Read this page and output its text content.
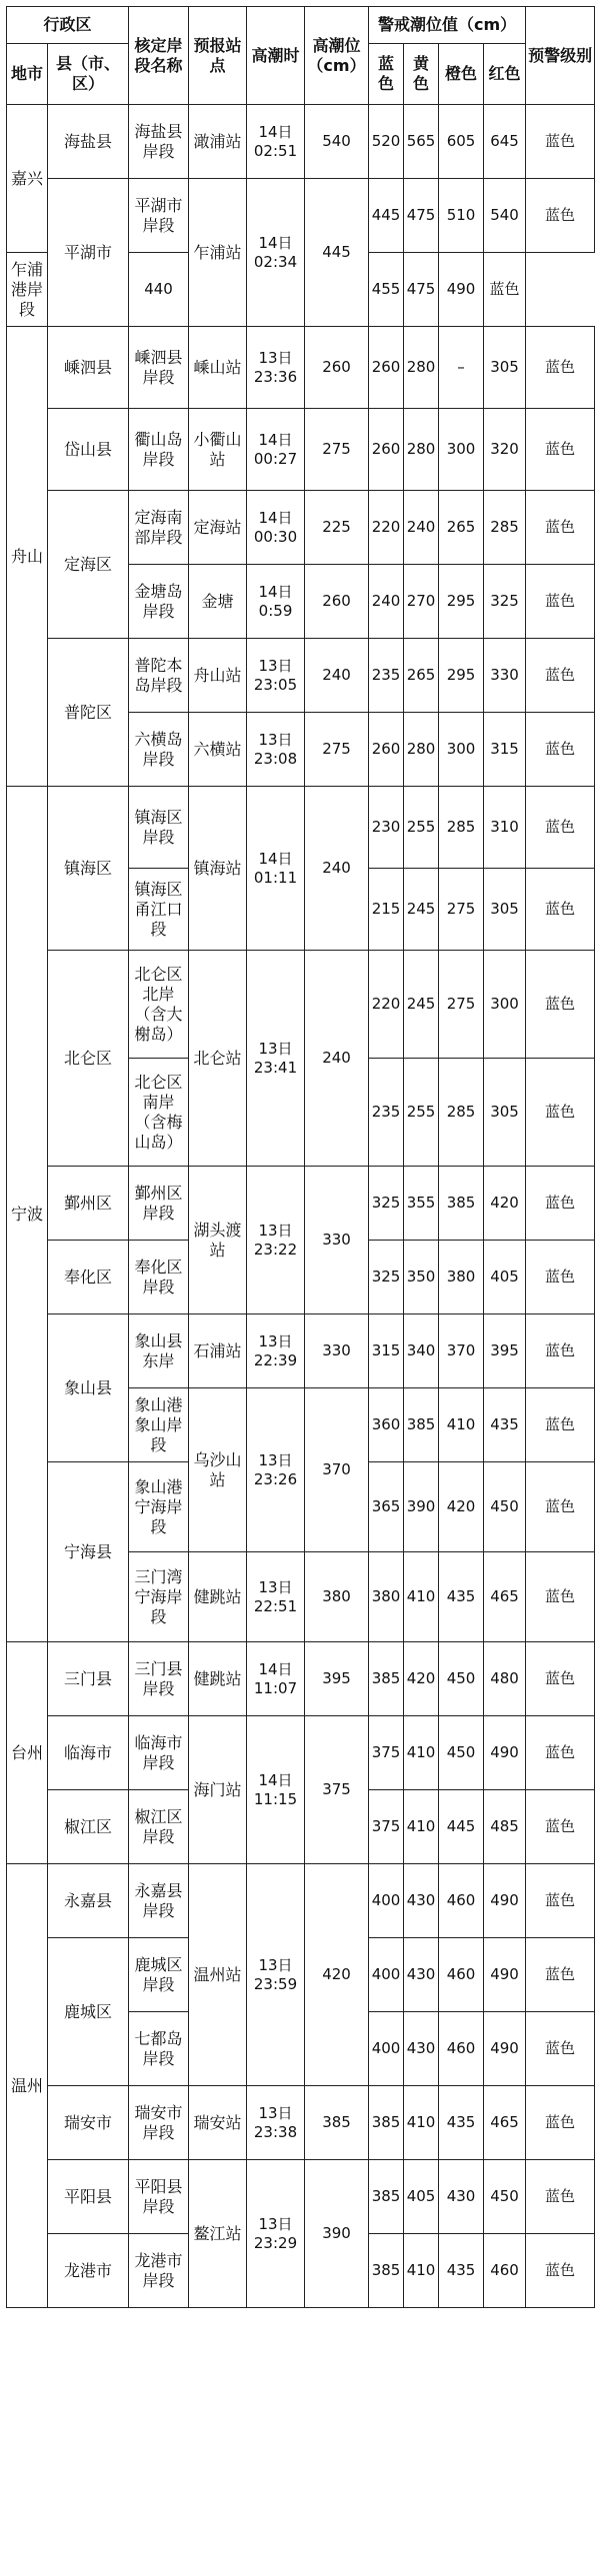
行政区		核定岸段名称	预报站点	高潮时	高潮位（cm）	警戒潮位值（cm）				预警级别
地市	县（市、区）					蓝色	黄色	橙色	红色	
嘉兴	海盐县	海盐县岸段	澉浦站	14日02:51	540	520	565	605	645	蓝色
	平湖市	平湖市岸段	乍浦站	14日02:34	445	445	475	510	540	蓝色
乍浦港岸段		440				455	475	490	蓝色	
舟山	嵊泗县	嵊泗县岸段	嵊山站	13日23:36	260	260	280	–	305	蓝色
	岱山县	衢山岛岸段	小衢山站	14日00:27	275	260	280	300	320	蓝色
	定海区	定海南部岸段	定海站	14日00:30	225	220	240	265	285	蓝色
		金塘岛岸段	金塘	14日0:59	260	240	270	295	325	蓝色
	普陀区	普陀本岛岸段	舟山站	13日23:05	240	235	265	295	330	蓝色
		六横岛岸段	六横站	13日23:08	275	260	280	300	315	蓝色
宁波	镇海区	镇海区岸段	镇海站	14日01:11	240	230	255	285	310	蓝色
		镇海区甬江口段				215	245	275	305	蓝色
	北仑区	北仑区北岸（含大榭岛）	北仑站	13日23:41	240	220	245	275	300	蓝色
		北仑区南岸（含梅山岛）				235	255	285	305	蓝色
	鄞州区	鄞州区岸段	湖头渡站	13日23:22	330	325	355	385	420	蓝色
	奉化区	奉化区岸段				325	350	380	405	蓝色
	象山县	象山县东岸	石浦站	13日22:39	330	315	340	370	395	蓝色
		象山港象山岸段	乌沙山站	13日23:26	370	360	385	410	435	蓝色
	宁海县	象山港宁海岸段				365	390	420	450	蓝色
		三门湾宁海岸段	健跳站	13日22:51	380	380	410	435	465	蓝色
台州	三门县	三门县岸段	健跳站	14日11:07	395	385	420	450	480	蓝色
	临海市	临海市岸段	海门站	14日11:15	375	375	410	450	490	蓝色
	椒江区	椒江区岸段				375	410	445	485	蓝色
温州	永嘉县	永嘉县岸段	温州站	13日23:59	420	400	430	460	490	蓝色
	鹿城区	鹿城区岸段				400	430	460	490	蓝色
		七都岛岸段				400	430	460	490	蓝色
	瑞安市	瑞安市岸段	瑞安站	13日23:38	385	385	410	435	465	蓝色
	平阳县	平阳县岸段	鳌江站	13日23:29	390	385	405	430	450	蓝色
	龙港市	龙港市岸段				385	410	435	460	蓝色
